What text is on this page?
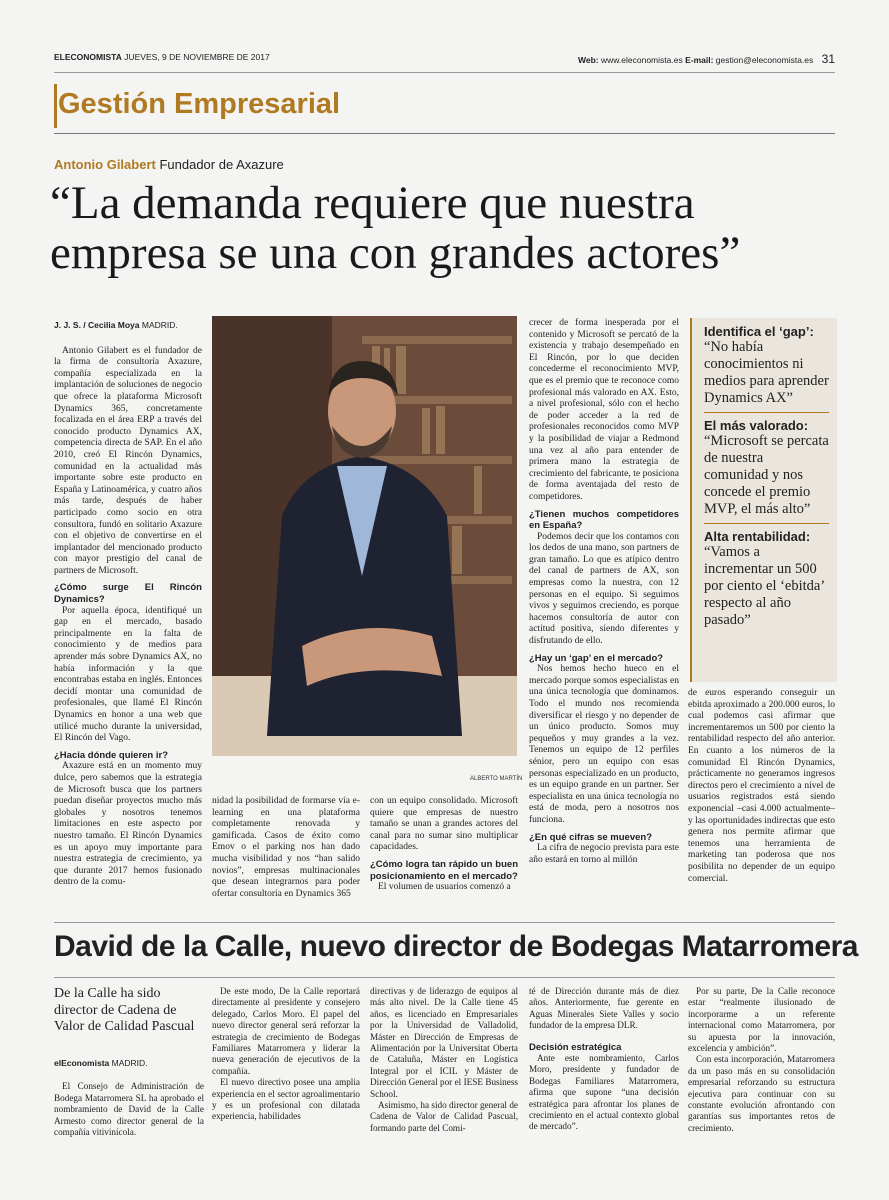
ELECONOMISTA JUEVES, 9 DE NOVIEMBRE DE 2017	Web: www.eleconomista.es E-mail: gestion@eleconomista.es 31
Gestión Empresarial
Antonio Gilabert Fundador de Axazure
“La demanda requiere que nuestra
empresa se una con grandes actores”
J. J. S. / Cecilia Moya MADRID.

Antonio Gilabert es el fundador de la firma de consultoría Axazure, compañía especializada en la implantación de soluciones de negocio que ofrece la plataforma Microsoft Dynamics 365, concretamente focalizada en el área ERP a través del conocido producto Dynamics AX, competencia directa de SAP. En el año 2010, creó El Rincón Dynamics, comunidad en la actualidad más importante sobre este producto en España y Latinoamérica, y cuatro años más tarde, después de haber participado como socio en otra consultora, fundó en solitario Axazure con el objetivo de convertirse en el implantador del mencionado producto con mayor prestigio del canal de partners de Microsoft.

¿Cómo surge El Rincón Dynamics?

Por aquella época, identifiqué un gap en el mercado, basado principalmente en la falta de conocimiento y de medios para aprender más sobre Dynamics AX, no había información y la que encontrabas estaba en inglés. Entonces decidí montar una comunidad de profesionales, que llamé El Rincón Dynamics en honor a una web que utilicé mucho durante la universidad, El Rincón del Vago.

¿Hacia dónde quieren ir?

Axazure está en un momento muy dulce, pero sabemos que la estrategia de Microsoft busca que los partners puedan diseñar proyectos mucho más globales y nosotros tenemos limitaciones en este aspecto por nuestro tamaño. El Rincón Dynamics es un apoyo muy importante para nuestra estrategia de crecimiento, ya que durante 2017 hemos fusionado dentro de la comu-

ALBERTO MARTÍN

nidad la posibilidad de formarse vía e-learning en una plataforma completamente renovada y gamificada. Casos de éxito como Emov o el parking nos han dado mucha visibilidad y nos “han salido novios”, empresas multinacionales que desean integrarnos para poder ofertar consultoría en Dynamics 365

con un equipo consolidado. Microsoft quiere que empresas de nuestro tamaño se unan a grandes actores del canal para no sumar sino multiplicar capacidades.

¿Cómo logra tan rápido un buen posicionamiento en el mercado?

El volumen de usuarios comenzó a

crecer de forma inesperada por el contenido y Microsoft se percató de la existencia y trabajo desempeñado en El Rincón, por lo que deciden concederme el reconocimiento MVP, que es el premio que te reconoce como profesional más valorado en AX. Esto, a nivel profesional, sólo con el hecho de poder acceder a la red de profesionales reconocidos como MVP y la posibilidad de viajar a Redmond una vez al año para entender de primera mano la estrategia de crecimiento del fabricante, te posiciona de forma aventajada del resto de competidores.

¿Tienen muchos competidores en España?

Podemos decir que los contamos con los dedos de una mano, son partners de gran tamaño. Lo que es atípico dentro del canal de partners de AX, son empresas como la nuestra, con 12 personas en el equipo. Si seguimos vivos y seguimos creciendo, es porque hacemos consultoría de autor con actitud positiva, siendo diferentes y disfrutando de ello.

¿Hay un ‘gap’ en el mercado?

Nos hemos hecho hueco en el mercado porque somos especialistas en una única tecnología que dominamos. Todo el mundo nos recomienda diversificar el riesgo y no depender de un único producto. Somos muy pequeños y muy grandes a la vez. Tenemos un equipo de 12 perfiles sénior, pero un equipo con esas personas especializado en un producto, es un equipo grande en un partner. Ser especialista en una única tecnología no está de moda, pero a nosotros nos funciona.

¿En qué cifras se mueven?

La cifra de negocio prevista para este año estará en torno al millón

Identifica el ‘gap’:

“No había conocimientos ni medios para aprender Dynamics AX”

El más valorado:

“Microsoft se percata de nuestra comunidad y nos concede el premio MVP, el más alto”

Alta rentabilidad:

“Vamos a incrementar un 500 por ciento el ‘ebitda’ respecto al año pasado”

de euros esperando conseguir un ebitda aproximado a 200.000 euros, lo cual podemos casi afirmar que incrementaremos un 500 por ciento la rentabilidad respecto del año anterior. En cuanto a los números de la comunidad El Rincón Dynamics, prácticamente no generamos ingresos directos pero el crecimiento a nivel de usuarios registrados está siendo exponencial –casi 4.000 actualmente– y las oportunidades indirectas que esto genera nos permite afirmar que tenemos una herramienta de marketing tan poderosa que nos posibilita no depender de un equipo comercial.

David de la Calle, nuevo director de Bodegas Matarromera
De la Calle ha sido director de Cadena de Valor de Calidad Pascual
elEconomista MADRID.

El Consejo de Administración de Bodega Matarromera SL ha aprobado el nombramiento de David de la Calle Armesto como director general de la compañía vitivinícola.

De este modo, De la Calle reportará directamente al presidente y consejero delegado, Carlos Moro. El papel del nuevo director general será reforzar la estrategia de crecimiento de Bodegas Familiares Matarromera y liderar la nueva generación de ejecutivos de la compañía.

El nuevo directivo posee una amplia experiencia en el sector agroalimentario y es un profesional con dilatada experiencia, habilidades

directivas y de liderazgo de equipos al más alto nivel. De la Calle tiene 45 años, es licenciado en Empresariales por la Universidad de Valladolid, Máster en Dirección de Empresas de Alimentación por la Universitat Oberta de Cataluña, Máster en Logística Integral por el ICIL y Máster de Dirección General por el IESE Business School.

Asimismo, ha sido director general de Cadena de Valor de Calidad Pascual, formando parte del Comi-

té de Dirección durante más de diez años. Anteriormente, fue gerente en Aguas Minerales Siete Valles y socio fundador de la empresa DLR.

Decisión estratégica

Ante este nombramiento, Carlos Moro, presidente y fundador de Bodegas Familiares Matarromera, afirma que supone “una decisión estratégica para afrontar los planes de crecimiento en el actual contexto global de mercado”.

Por su parte, De la Calle reconoce estar “realmente ilusionado de incorporarme a un referente internacional como Matarromera, por su apuesta por la innovación, excelencia y ambición”.

Con esta incorporación, Matarromera da un paso más en su consolidación empresarial reforzando su estructura ejecutiva para continuar con su constante evolución afrontando con garantías sus importantes retos de crecimiento.
